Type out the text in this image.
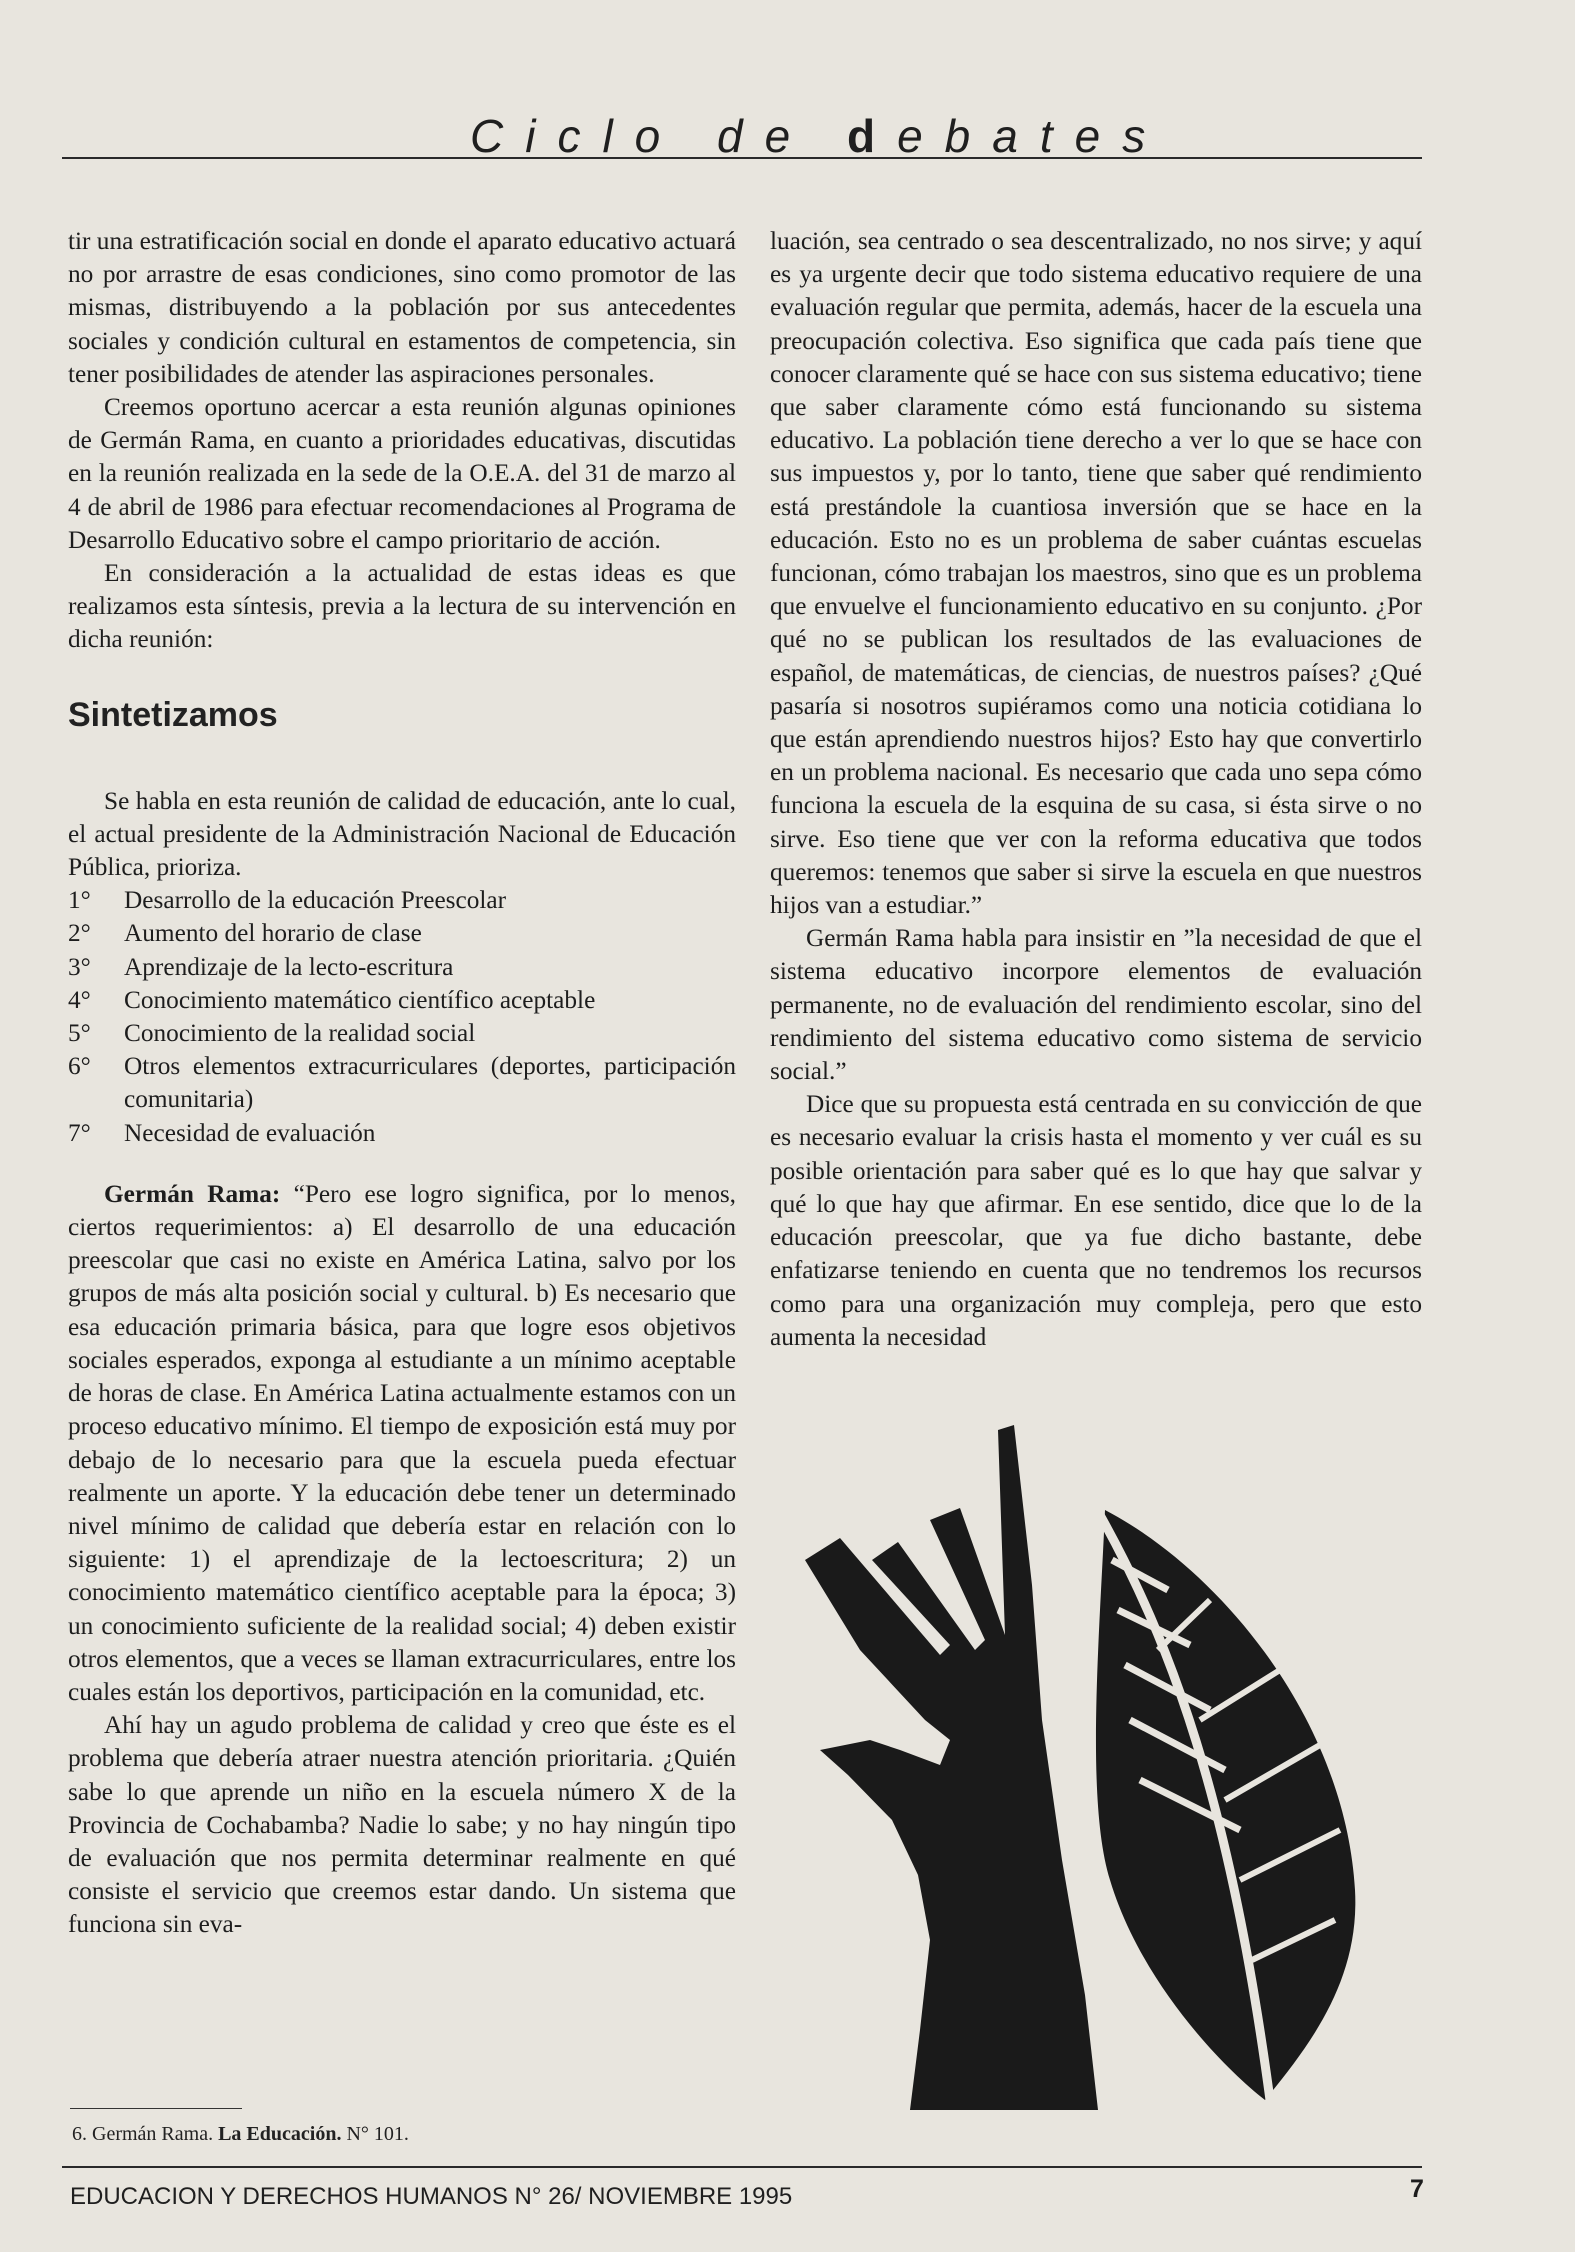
Ciclo de debates

tir una estratificación social en donde el aparato educativo actuará no por arrastre de esas condiciones, sino como promotor de las mismas, distribuyendo a la población por sus antecedentes sociales y condición cultural en estamentos de competencia, sin tener posibilidades de atender las aspiraciones personales.

Creemos oportuno acercar a esta reunión algunas opiniones de Germán Rama, en cuanto a prioridades educativas, discutidas en la reunión realizada en la sede de la O.E.A. del 31 de marzo al 4 de abril de 1986 para efectuar recomendaciones al Programa de Desarrollo Educativo sobre el campo prioritario de acción.

En consideración a la actualidad de estas ideas es que realizamos esta síntesis, previa a la lectura de su intervención en dicha reunión:

Sintetizamos

Se habla en esta reunión de calidad de educación, ante lo cual, el actual presidente de la Administración Nacional de Educación Pública, prioriza.

1°	Desarrollo de la educación Preescolar
2°	Aumento del horario de clase
3°	Aprendizaje de la lecto-escritura
4°	Conocimiento matemático científico aceptable
5°	Conocimiento de la realidad social
6°	Otros elementos extracurriculares (deportes, participación comunitaria)
7°	Necesidad de evaluación

Germán Rama: “Pero ese logro significa, por lo menos, ciertos requerimientos: a) El desarrollo de una educación preescolar que casi no existe en América Latina, salvo por los grupos de más alta posición social y cultural. b) Es necesario que esa educación primaria básica, para que logre esos objetivos sociales esperados, exponga al estudiante a un mínimo aceptable de horas de clase. En América Latina actualmente estamos con un proceso educativo mínimo. El tiempo de exposición está muy por debajo de lo necesario para que la escuela pueda efectuar realmente un aporte. Y la educación debe tener un determinado nivel mínimo de calidad que debería estar en relación con lo siguiente: 1) el aprendizaje de la lectoescritura; 2) un conocimiento matemático científico aceptable para la época; 3) un conocimiento suficiente de la realidad social; 4) deben existir otros elementos, que a veces se llaman extracurriculares, entre los cuales están los deportivos, participación en la comunidad, etc.

Ahí hay un agudo problema de calidad y creo que éste es el problema que debería atraer nuestra atención prioritaria. ¿Quién sabe lo que aprende un niño en la escuela número X de la Provincia de Cochabamba? Nadie lo sabe; y no hay ningún tipo de evaluación que nos permita determinar realmente en qué consiste el servicio que creemos estar dando. Un sistema que funciona sin eva-

luación, sea centrado o sea descentralizado, no nos sirve; y aquí es ya urgente decir que todo sistema educativo requiere de una evaluación regular que permita, además, hacer de la escuela una preocupación colectiva. Eso significa que cada país tiene que conocer claramente qué se hace con sus sistema educativo; tiene que saber claramente cómo está funcionando su sistema educativo. La población tiene derecho a ver lo que se hace con sus impuestos y, por lo tanto, tiene que saber qué rendimiento está prestándole la cuantiosa inversión que se hace en la educación. Esto no es un problema de saber cuántas escuelas funcionan, cómo trabajan los maestros, sino que es un problema que envuelve el funcionamiento educativo en su conjunto. ¿Por qué no se publican los resultados de las evaluaciones de español, de matemáticas, de ciencias, de nuestros países? ¿Qué pasaría si nosotros supiéramos como una noticia cotidiana lo que están aprendiendo nuestros hijos? Esto hay que convertirlo en un problema nacional. Es necesario que cada uno sepa cómo funciona la escuela de la esquina de su casa, si ésta sirve o no sirve. Eso tiene que ver con la reforma educativa que todos queremos: tenemos que saber si sirve la escuela en que nuestros hijos van a estudiar.”

Germán Rama habla para insistir en ”la necesidad de que el sistema educativo incorpore elementos de evaluación permanente, no de evaluación del rendimiento escolar, sino del rendimiento del sistema educativo como sistema de servicio social.”

Dice que su propuesta está centrada en su convicción de que es necesario evaluar la crisis hasta el momento y ver cuál es su posible orientación para saber qué es lo que hay que salvar y qué lo que hay que afirmar. En ese sentido, dice que lo de la educación preescolar, que ya fue dicho bastante, debe enfatizarse teniendo en cuenta que no tendremos los recursos como para una organización muy compleja, pero que esto aumenta la necesidad

6. Germán Rama. La Educación. N° 101.
EDUCACION Y DERECHOS HUMANOS N° 26/ NOVIEMBRE 1995	7
